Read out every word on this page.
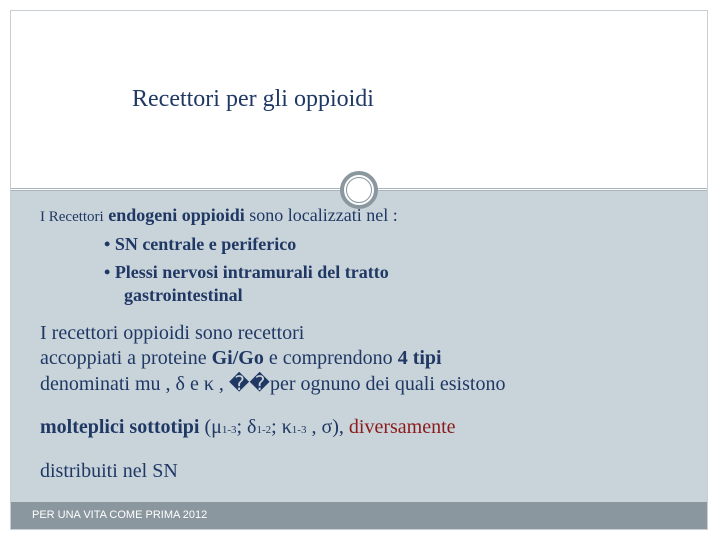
Recettori per gli oppioidi
I Recettori endogeni oppioidi sono localizzati nel :
• SN centrale e periferico
• Plessi nervosi intramurali del tratto
gastrointestinal
I recettori oppioidi sono recettori
accoppiati a proteine Gi/Go e comprendono 4 tipi
denominati mu , δ e κ , ��per ognuno dei quali esistono
molteplici sottotipi (μ1-3; δ1-2; κ1-3 , σ), diversamente
distribuiti nel SN
PER UNA VITA COME PRIMA 2012
